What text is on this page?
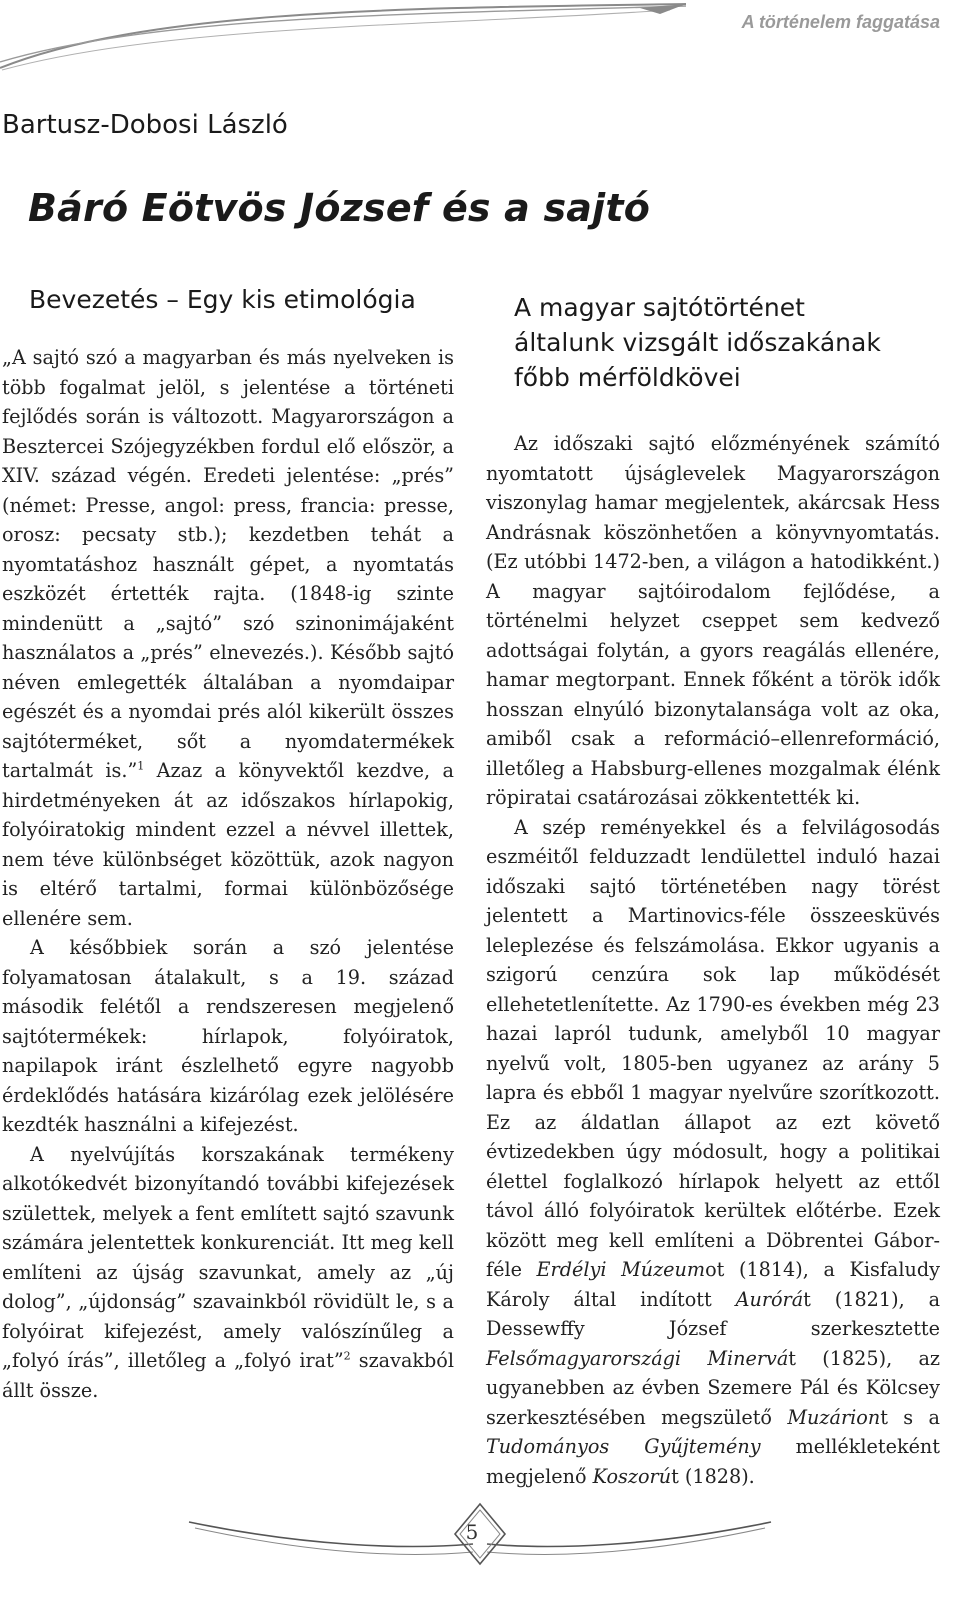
A történelem faggatása
Bartusz-Dobosi László
Báró Eötvös József és a sajtó
Bevezetés – Egy kis etimológia

„A sajtó szó a magyarban és más nyelveken is több fogalmat jelöl, s jelentése a történeti fejlődés során is változott. Magyarországon a Besztercei Szójegyzékben fordul elő először, a XIV. század végén. Eredeti jelentése: „prés” (német: Presse, angol: press, francia: presse, orosz: pecsaty stb.); kezdetben tehát a nyomtatáshoz használt gépet, a nyomtatás eszközét értették rajta. (1848-ig szinte mindenütt a „sajtó” szó szinonimájaként használatos a „prés” elnevezés.). Később sajtó néven emlegették általában a nyomdaipar egészét és a nyomdai prés alól kikerült összes sajtóterméket, sőt a nyomdatermékek tartalmát is.”$^1$ Azaz a könyvektől kezdve, a hirdetményeken át az időszakos hírlapokig, folyóiratokig mindent ezzel a névvel illettek, nem téve különbséget közöttük, azok nagyon is eltérő tartalmi, formai különbözősége ellenére sem.

A későbbiek során a szó jelentése folyamatosan átalakult, s a 19. század második felétől a rendszeresen megjelenő sajtótermékek: hírlapok, folyóiratok, napilapok iránt észlelhető egyre nagyobb érdeklődés hatására kizárólag ezek jelölésére kezdték használni a kifejezést.

A nyelvújítás korszakának termékeny alkotókedvét bizonyítandó további kifejezések születtek, melyek a fent említett sajtó szavunk számára jelentettek konkurenciát. Itt meg kell említeni az újság szavunkat, amely az „új dolog”, „újdonság” szavainkból rövidült le, s a folyóirat kifejezést, amely valószínűleg a „folyó írás”, illetőleg a „folyó irat”$^2$ szavakból állt össze.

A magyar sajtótörténet
általunk vizsgált időszakának
főbb mérföldkövei

Az időszaki sajtó előzményének számító nyomtatott újságlevelek Magyarországon viszonylag hamar megjelentek, akárcsak Hess Andrásnak köszönhetően a könyvnyomtatás. (Ez utóbbi 1472-ben, a világon a hatodikként.) A magyar sajtóirodalom fejlődése, a történelmi helyzet cseppet sem kedvező adottságai folytán, a gyors reagálás ellenére, hamar megtorpant. Ennek főként a török idők hosszan elnyúló bizonytalansága volt az oka, amiből csak a reformáció–ellenreformáció, illetőleg a Habsburg-ellenes mozgalmak élénk röpiratai csatározásai zökkentették ki.

A szép reményekkel és a felvilágosodás eszméitől felduzzadt lendülettel induló hazai időszaki sajtó történetében nagy törést jelentett a Martinovics-féle összeesküvés leleplezése és felszámolása. Ekkor ugyanis a szigorú cenzúra sok lap működését ellehetetlenítette. Az 1790-es években még 23 hazai lapról tudunk, amelyből 10 magyar nyelvű volt, 1805-ben ugyanez az arány 5 lapra és ebből 1 magyar nyelvűre szorítkozott. Ez az áldatlan állapot az ezt követő évtizedekben úgy módosult, hogy a politikai élettel foglalkozó hírlapok helyett az ettől távol álló folyóiratok kerültek előtérbe. Ezek között meg kell említeni a Döbrentei Gábor-féle Erdélyi Múzeumot (1814), a Kisfaludy Károly által indított Aurórát (1821), a Dessewffy József szerkesztette Felsőmagyarországi Minervát (1825), az ugyanebben az évben Szemere Pál és Kölcsey szerkesztésében megszülető Muzáriont s a Tudományos Gyűjtemény mellékleteként megjelenő Koszorút (1828).

5
